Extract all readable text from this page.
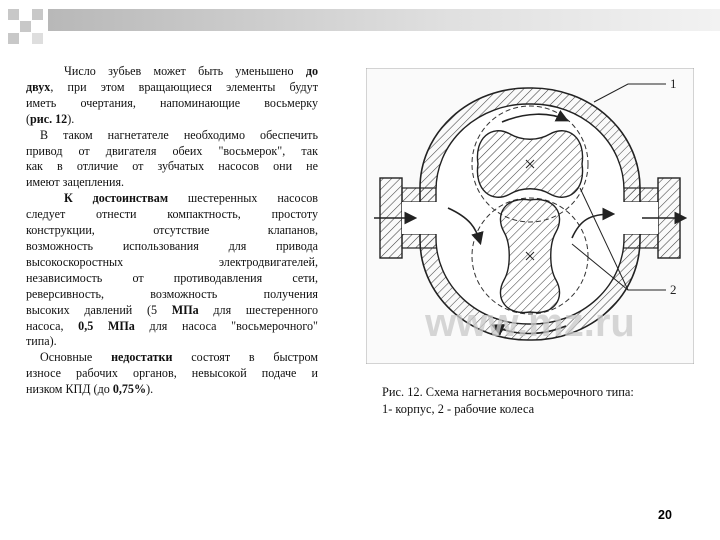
Число зубьев может быть уменьшено до

двух, при этом вращающиеся элементы будут

иметь очертания, напоминающие восьмерку

(рис. 12).

В таком нагнетателе необходимо обеспечить

привод от двигателя обеих "восьмерок", так

как в отличие от зубчатых насосов они не

имеют зацепления.

К достоинствам шестеренных насосов

следует отнести компактность, простоту

конструкции, отсутствие клапанов,

возможность использования для привода

высокоскоростных электродвигателей,

независимость от противодавления сети,

реверсивность, возможность получения

высоких давлений (5 МПа для шестеренного

насоса, 0,5 МПа для насоса "восьмерочного"

типа).

Основные недостатки состоят в быстром

износе рабочих органов, невысокой подаче и

низком КПД (до 0,75%).

1
2
www.mz.ru
Рис. 12. Схема нагнетания восьмерочного типа:
1- корпус, 2 - рабочие колеса
20
